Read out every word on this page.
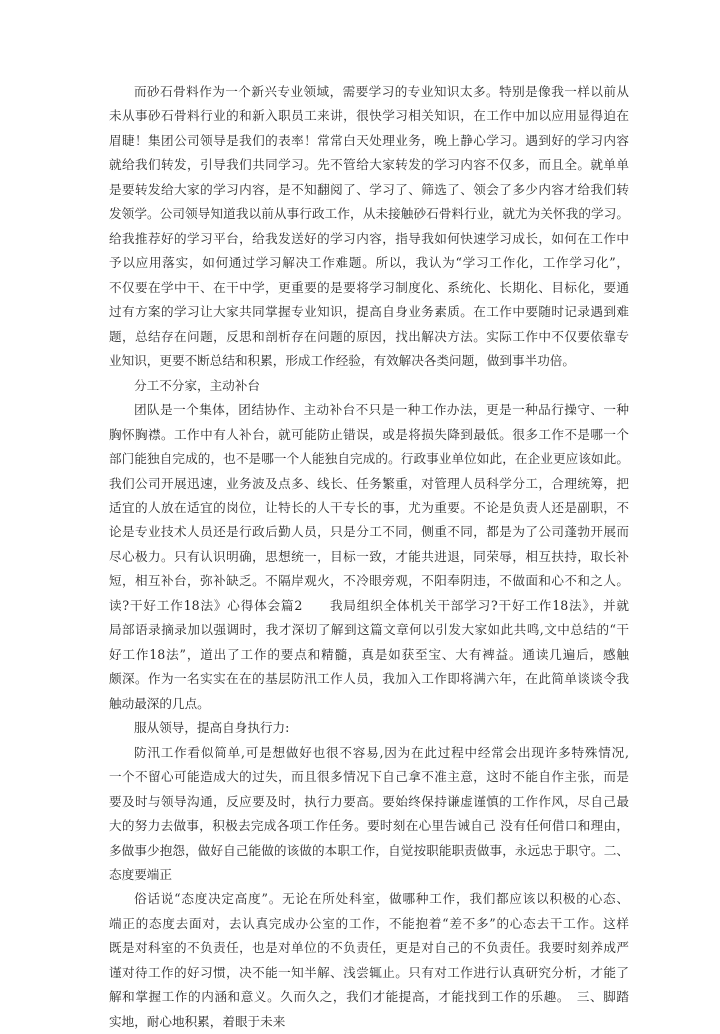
而砂石骨料作为一个新兴专业领域，需要学习的专业知识太多。特别是像我一样以前从
未从事砂石骨料行业的和新入职员工来讲，很快学习相关知识，在工作中加以应用显得迫在
眉睫！集团公司领导是我们的表率！常常白天处理业务，晚上静心学习。遇到好的学习内容
就给我们转发，引导我们共同学习。先不管给大家转发的学习内容不仅多，而且全。就单单
是要转发给大家的学习内容，是不知翻阅了、学习了、筛选了、领会了多少内容才给我们转
发领学。公司领导知道我以前从事行政工作，从未接触砂石骨料行业，就尤为关怀我的学习。
给我推荐好的学习平台，给我发送好的学习内容，指导我如何快速学习成长，如何在工作中
予以应用落实，如何通过学习解决工作难题。所以，我认为“学习工作化，工作学习化”，
不仅要在学中干、在干中学，更重要的是要将学习制度化、系统化、长期化、目标化，要通
过有方案的学习让大家共同掌握专业知识，提高自身业务素质。在工作中要随时记录遇到难
题，总结存在问题，反思和剖析存在问题的原因，找出解决方法。实际工作中不仅要依靠专
业知识，更要不断总结和积累，形成工作经验，有效解决各类问题，做到事半功倍。
分工不分家，主动补台
团队是一个集体，团结协作、主动补台不只是一种工作办法，更是一种品行操守、一种
胸怀胸襟。工作中有人补台，就可能防止错误，或是将损失降到最低。很多工作不是哪一个
部门能独自完成的，也不是哪一个人能独自完成的。行政事业单位如此，在企业更应该如此。
我们公司开展迅速，业务波及点多、线长、任务繁重，对管理人员科学分工，合理统筹，把
适宜的人放在适宜的岗位，让特长的人干专长的事，尤为重要。不论是负责人还是副职，不
论是专业技术人员还是行政后勤人员，只是分工不同，侧重不同，都是为了公司蓬勃开展而
尽心极力。只有认识明确，思想统一，目标一致，才能共进退，同荣辱，相互扶持，取长补
短，相互补台，弥补缺乏。不隔岸观火，不冷眼旁观，不阳奉阴违，不做面和心不和之人。
读?干好工作18法》心得体会篇2　　我局组织全体机关干部学习?干好工作18法》，并就
局部语录摘录加以强调时，我才深切了解到这篇文章何以引发大家如此共鸣,文中总结的“干
好工作18法”，道出了工作的要点和精髓，真是如获至宝、大有裨益。通读几遍后，感触
颇深。作为一名实实在在的基层防汛工作人员，我加入工作即将满六年，在此简单谈谈令我
触动最深的几点。
服从领导，提高自身执行力:
防汛工作看似简单,可是想做好也很不容易,因为在此过程中经常会出现许多特殊情况,
一个不留心可能造成大的过失，而且很多情况下自己拿不准主意，这时不能自作主张，而是
要及时与领导沟通，反应要及时，执行力要高。要始终保持谦虚谨慎的工作作风，尽自己最
大的努力去做事，积极去完成各项工作任务。要时刻在心里告诫自己 没有任何借口和理由，
多做事少抱怨，做好自己能做的该做的本职工作，自觉按职能职责做事，永远忠于职守。二、
态度要端正
俗话说“态度决定高度”。无论在所处科室，做哪种工作，我们都应该以积极的心态、
端正的态度去面对，去认真完成办公室的工作，不能抱着“差不多”的心态去干工作。这样
既是对科室的不负责任，也是对单位的不负责任，更是对自己的不负责任。我要时刻养成严
谨对待工作的好习惯，决不能一知半解、浅尝辄止。只有对工作进行认真研究分析，才能了
解和掌握工作的内涵和意义。久而久之，我们才能提高，才能找到工作的乐趣。　三、脚踏
实地，耐心地积累，着眼于未来
